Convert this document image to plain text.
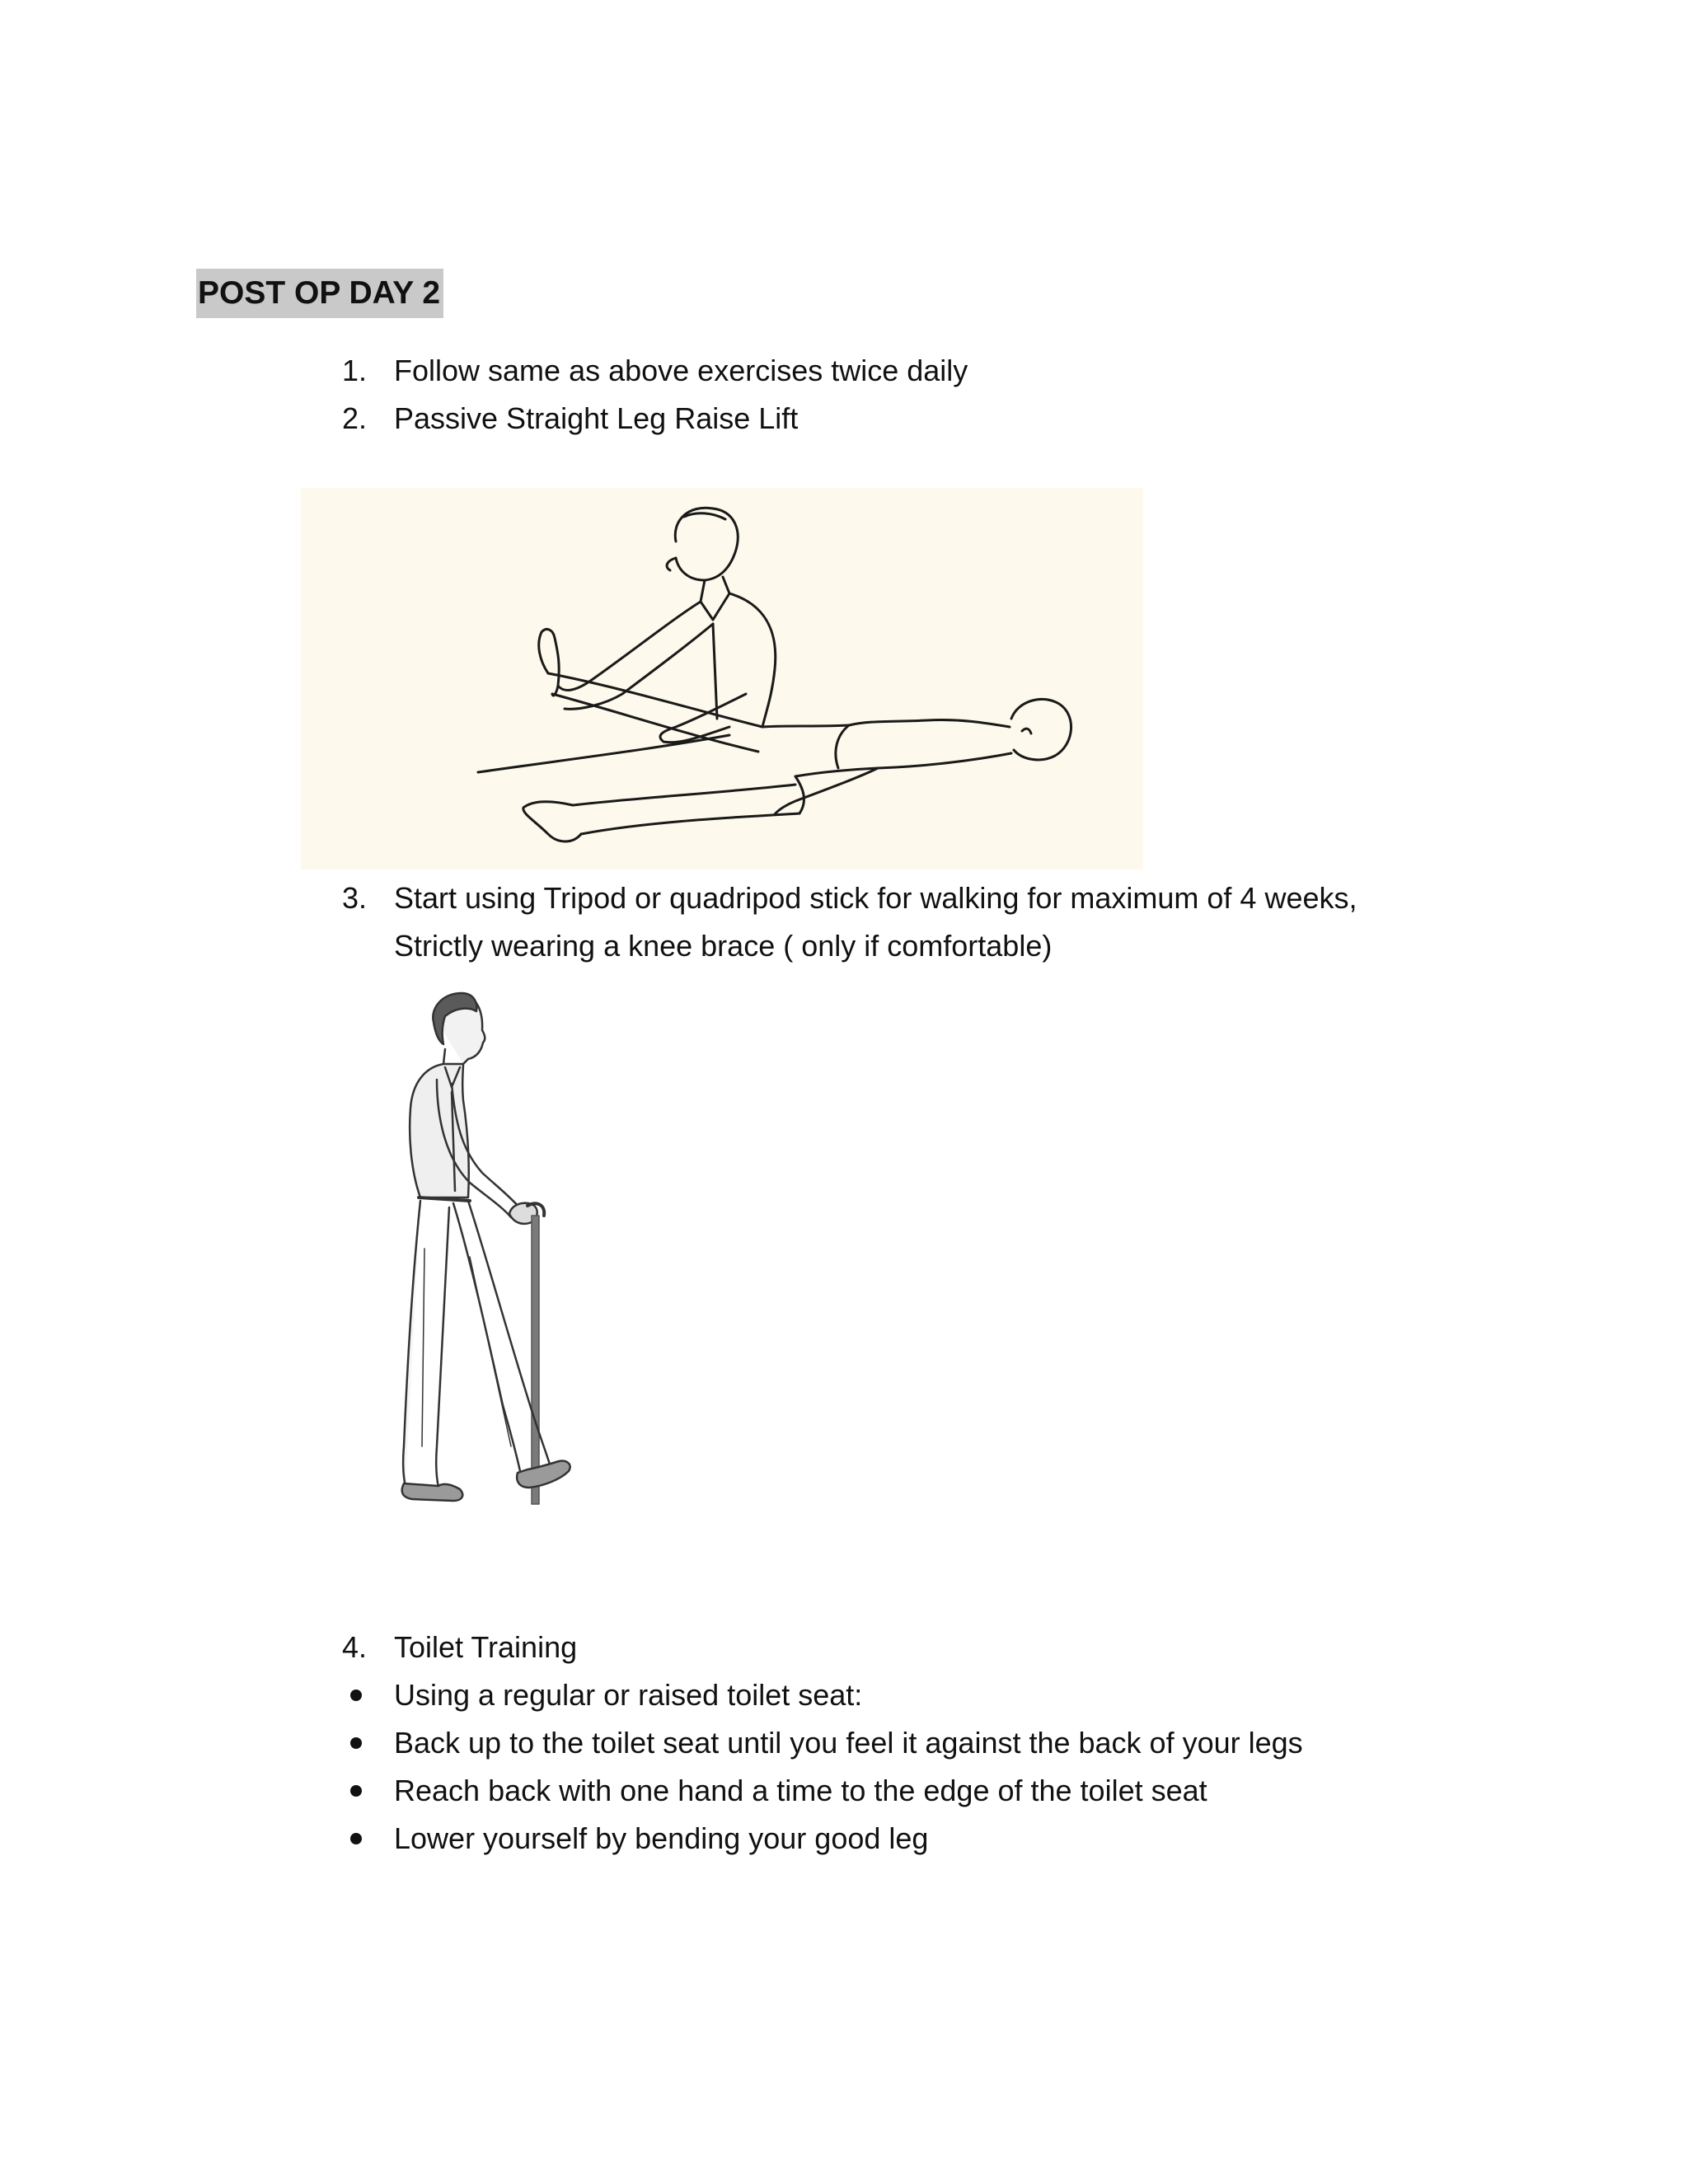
POST OP DAY 2
1. Follow same as above exercises twice daily
2. Passive Straight Leg Raise Lift
3. Start using Tripod or quadripod stick for walking for maximum of 4 weeks,
Strictly wearing a knee brace ( only if comfortable)
4. Toilet Training
Using a regular or raised toilet seat:
Back up to the toilet seat until you feel it against the back of your legs
Reach back with one hand a time to the edge of the toilet seat
Lower yourself by bending your good leg
